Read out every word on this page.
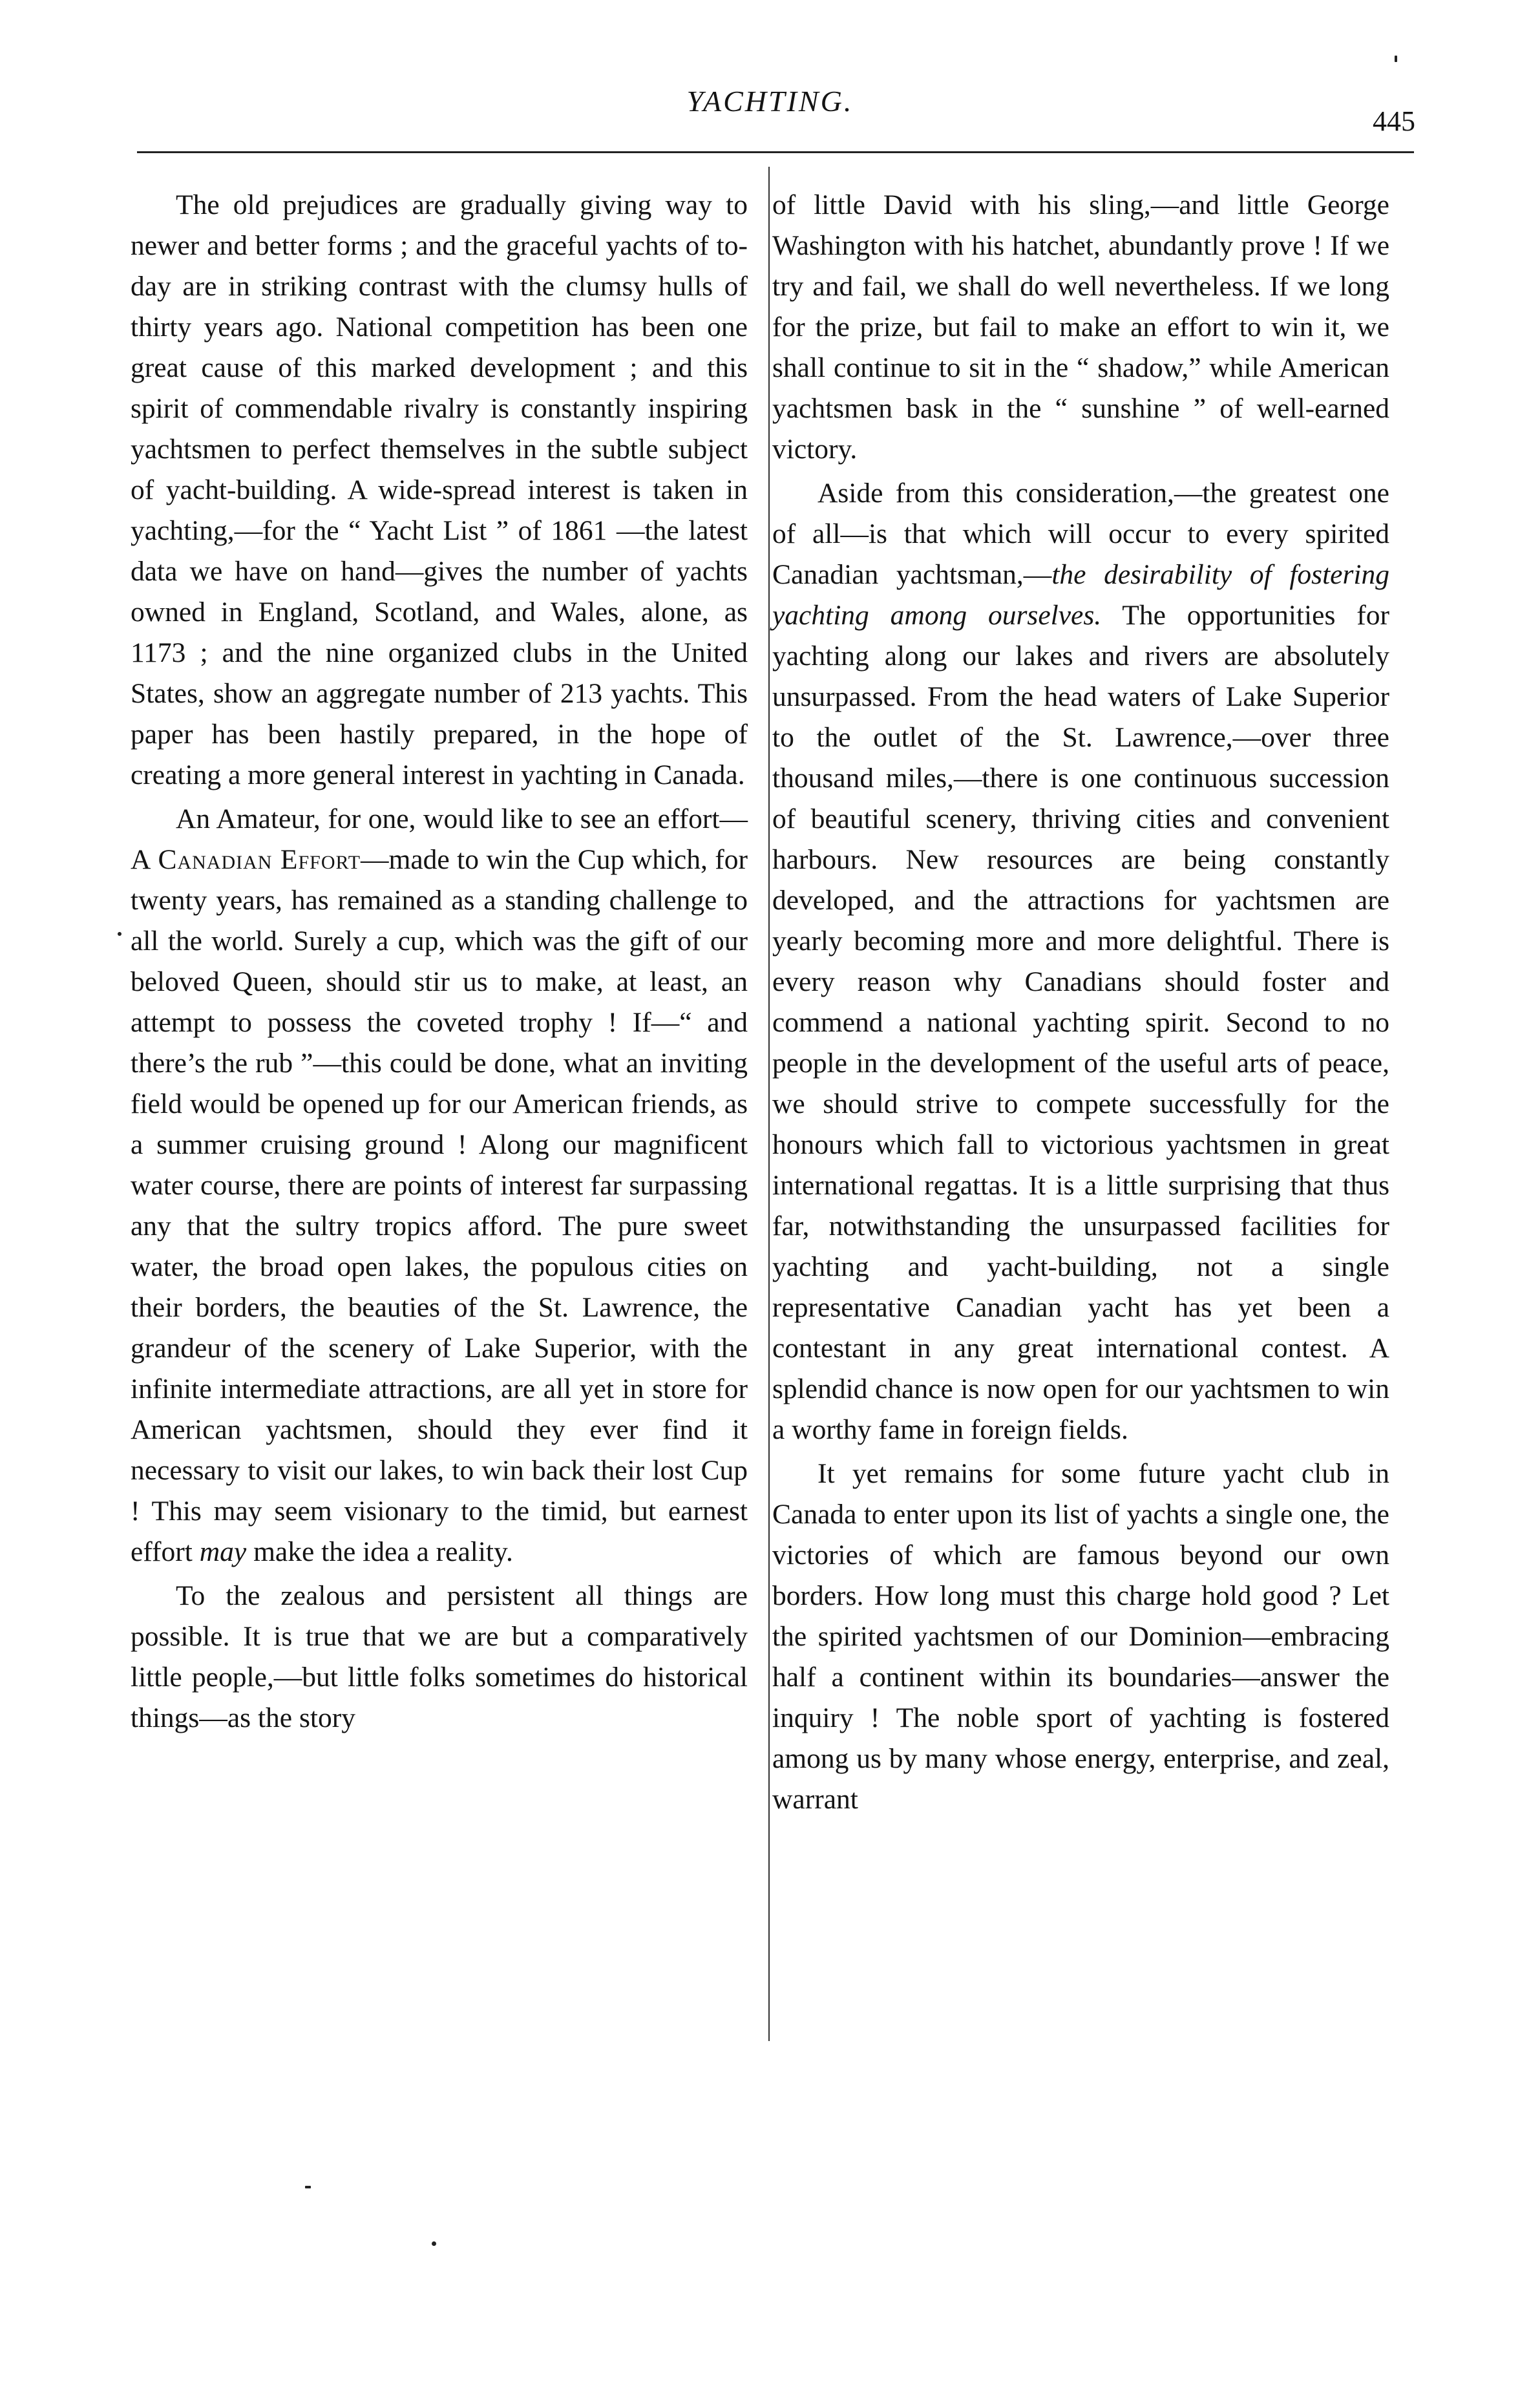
YACHTING.
445

The old prejudices are gradually giving way to newer and better forms ; and the graceful yachts of to-day are in striking contrast with the clumsy hulls of thirty years ago. National competition has been one great cause of this marked development ; and this spirit of commendable rivalry is constantly inspiring yachtsmen to perfect themselves in the subtle subject of yacht-building. A wide-spread interest is taken in yachting,—for the “ Yacht List ” of 1861 —the latest data we have on hand—gives the number of yachts owned in England, Scotland, and Wales, alone, as 1173 ; and the nine organized clubs in the United States, show an aggregate number of 213 yachts. This paper has been hastily prepared, in the hope of creating a more general interest in yachting in Canada.

An Amateur, for one, would like to see an effort—A Canadian Effort—made to win the Cup which, for twenty years, has remained as a standing challenge to all the world. Surely a cup, which was the gift of our beloved Queen, should stir us to make, at least, an attempt to possess the coveted trophy ! If—“ and there’s the rub ”—this could be done, what an inviting field would be opened up for our American friends, as a summer cruising ground ! Along our magnificent water course, there are points of interest far surpassing any that the sultry tropics afford. The pure sweet water, the broad open lakes, the populous cities on their borders, the beauties of the St. Lawrence, the grandeur of the scenery of Lake Superior, with the infinite intermediate attractions, are all yet in store for American yachtsmen, should they ever find it necessary to visit our lakes, to win back their lost Cup ! This may seem visionary to the timid, but earnest effort may make the idea a reality.

To the zealous and persistent all things are possible. It is true that we are but a comparatively little people,—but little folks sometimes do historical things—as the story

of little David with his sling,—and little George Washington with his hatchet, abundantly prove ! If we try and fail, we shall do well nevertheless. If we long for the prize, but fail to make an effort to win it, we shall continue to sit in the “ shadow,” while American yachtsmen bask in the “ sunshine ” of well-earned victory.

Aside from this consideration,—the greatest one of all—is that which will occur to every spirited Canadian yachtsman,—the desirability of fostering yachting among ourselves. The opportunities for yachting along our lakes and rivers are absolutely unsurpassed. From the head waters of Lake Superior to the outlet of the St. Lawrence,—over three thousand miles,—there is one continuous succession of beautiful scenery, thriving cities and convenient harbours. New resources are being constantly developed, and the attractions for yachtsmen are yearly becoming more and more delightful. There is every reason why Canadians should foster and commend a national yachting spirit. Second to no people in the development of the useful arts of peace, we should strive to compete successfully for the honours which fall to victorious yachtsmen in great international regattas. It is a little surprising that thus far, notwithstanding the unsurpassed facilities for yachting and yacht-building, not a single representative Canadian yacht has yet been a contestant in any great international contest. A splendid chance is now open for our yachtsmen to win a worthy fame in foreign fields.

It yet remains for some future yacht club in Canada to enter upon its list of yachts a single one, the victories of which are famous beyond our own borders. How long must this charge hold good ? Let the spirited yachtsmen of our Dominion—embracing half a continent within its boundaries—answer the inquiry ! The noble sport of yachting is fostered among us by many whose energy, enterprise, and zeal, warrant
